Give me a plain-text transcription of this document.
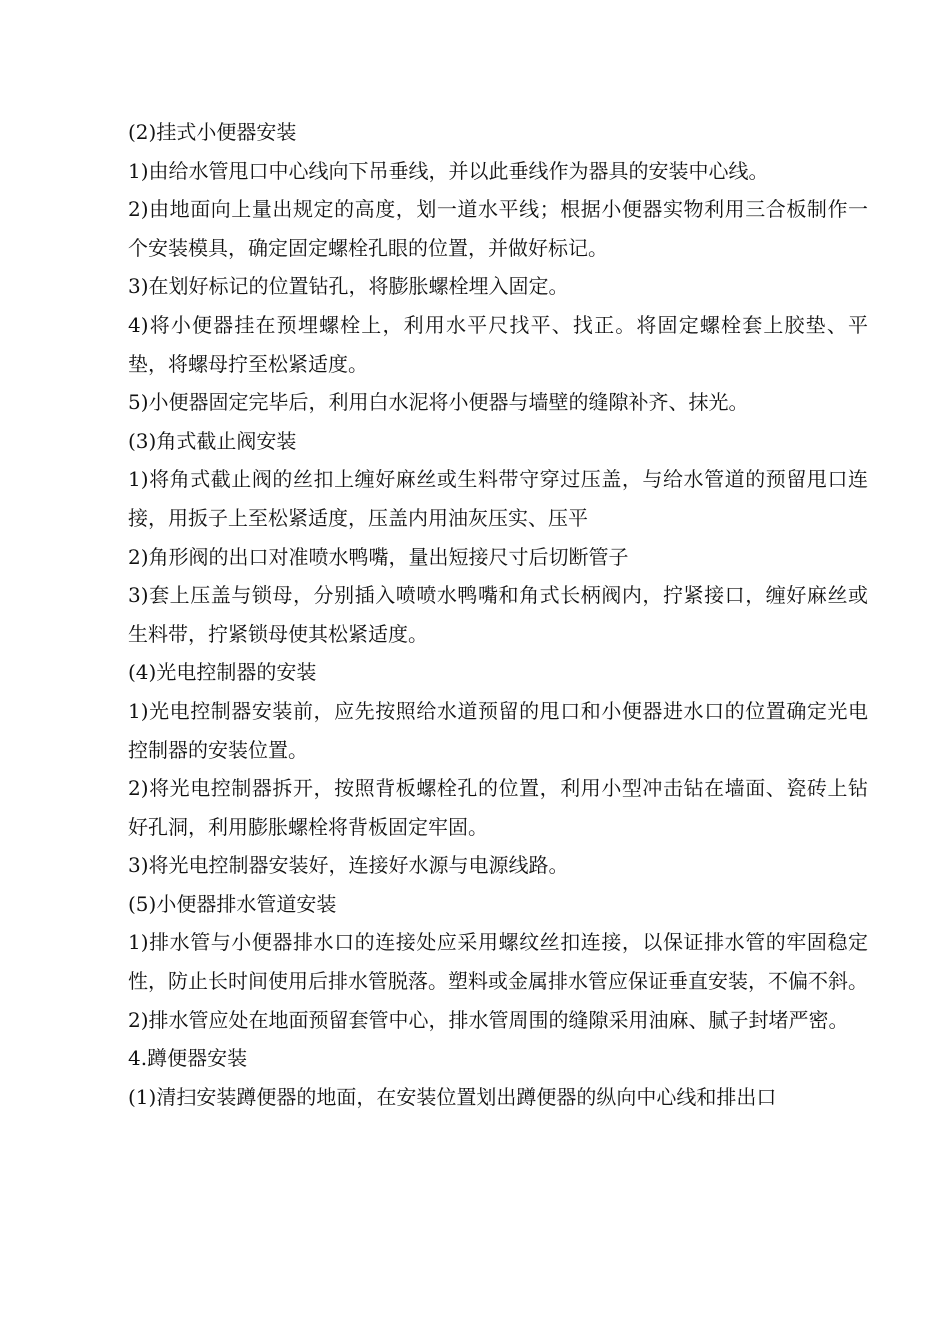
(2)挂式小便器安装

1)由给水管甩口中心线向下吊垂线，并以此垂线作为器具的安装中心线。

2)由地面向上量出规定的高度，划一道水平线；根据小便器实物利用三合板制作一个安装模具，确定固定螺栓孔眼的位置，并做好标记。

3)在划好标记的位置钻孔，将膨胀螺栓埋入固定。

4)将小便器挂在预埋螺栓上，利用水平尺找平、找正。将固定螺栓套上胶垫、平垫，将螺母拧至松紧适度。

5)小便器固定完毕后，利用白水泥将小便器与墙壁的缝隙补齐、抹光。

(3)角式截止阀安装

1)将角式截止阀的丝扣上缠好麻丝或生料带守穿过压盖，与给水管道的预留甩口连接，用扳子上至松紧适度，压盖内用油灰压实、压平

2)角形阀的出口对准喷水鸭嘴，量出短接尺寸后切断管子

3)套上压盖与锁母，分别插入喷喷水鸭嘴和角式长柄阀内，拧紧接口，缠好麻丝或生料带，拧紧锁母使其松紧适度。

(4)光电控制器的安装

1)光电控制器安装前，应先按照给水道预留的甩口和小便器进水口的位置确定光电控制器的安装位置。

2)将光电控制器拆开，按照背板螺栓孔的位置，利用小型冲击钻在墙面、瓷砖上钻好孔洞，利用膨胀螺栓将背板固定牢固。

3)将光电控制器安装好，连接好水源与电源线路。

(5)小便器排水管道安装

1)排水管与小便器排水口的连接处应采用螺纹丝扣连接，以保证排水管的牢固稳定性，防止长时间使用后排水管脱落。塑料或金属排水管应保证垂直安装，不偏不斜。

2)排水管应处在地面预留套管中心，排水管周围的缝隙采用油麻、腻子封堵严密。

4.蹲便器安装

(1)清扫安装蹲便器的地面，在安装位置划出蹲便器的纵向中心线和排出口
